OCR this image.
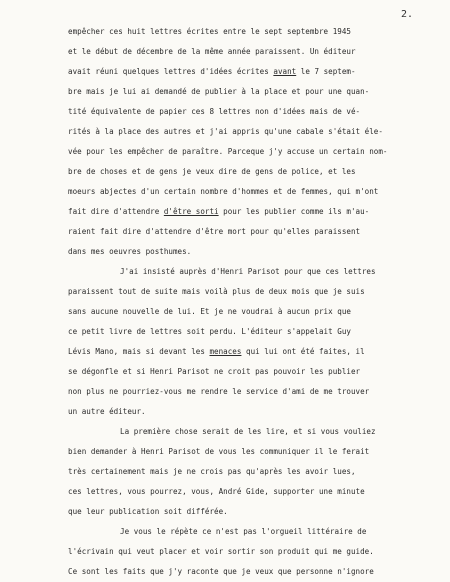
2.
empêcher ces huit lettres écrites entre le sept septembre 1945
et le début de décembre de la même année paraissent. Un éditeur
avait réuni quelques lettres d'idées écrites avant le 7 septem-
bre mais je lui ai demandé de publier à la place et pour une quan-
tité équivalente de papier ces 8 lettres non d'idées mais de vé-
rités à la place des autres et j'ai appris qu'une cabale s'était éle-
vée pour les empêcher de paraître. Parceque j'y accuse un certain nom-
bre de choses et de gens je veux dire de gens de police, et les
moeurs abjectes d'un certain nombre d'hommes et de femmes, qui m'ont
fait dire d'attendre d'être sorti pour les publier comme ils m'au-
raient fait dire d'attendre d'être mort pour qu'elles paraissent
dans mes oeuvres posthumes.
J'ai insisté auprès d'Henri Parisot pour que ces lettres
paraissent tout de suite mais voilà plus de deux mois que je suis
sans aucune nouvelle de lui. Et je ne voudrai à aucun prix que
ce petit livre de lettres soit perdu. L'éditeur s'appelait Guy
Lévis Mano, mais si devant les menaces qui lui ont été faites, il
se dégonfle et si Henri Parisot ne croit pas pouvoir les publier
non plus ne pourriez-vous me rendre le service d'ami de me trouver
un autre éditeur.
La première chose serait de les lire, et si vous vouliez
bien demander à Henri Parisot de vous les communiquer il le ferait
très certainement mais je ne crois pas qu'après les avoir lues,
ces lettres, vous pourrez, vous, André Gide, supporter une minute
que leur publication soit différée.
Je vous le répète ce n'est pas l'orgueil littéraire de
l'écrivain qui veut placer et voir sortir son produit qui me guide.
Ce sont les faits que j'y raconte que je veux que personne n'ignore
